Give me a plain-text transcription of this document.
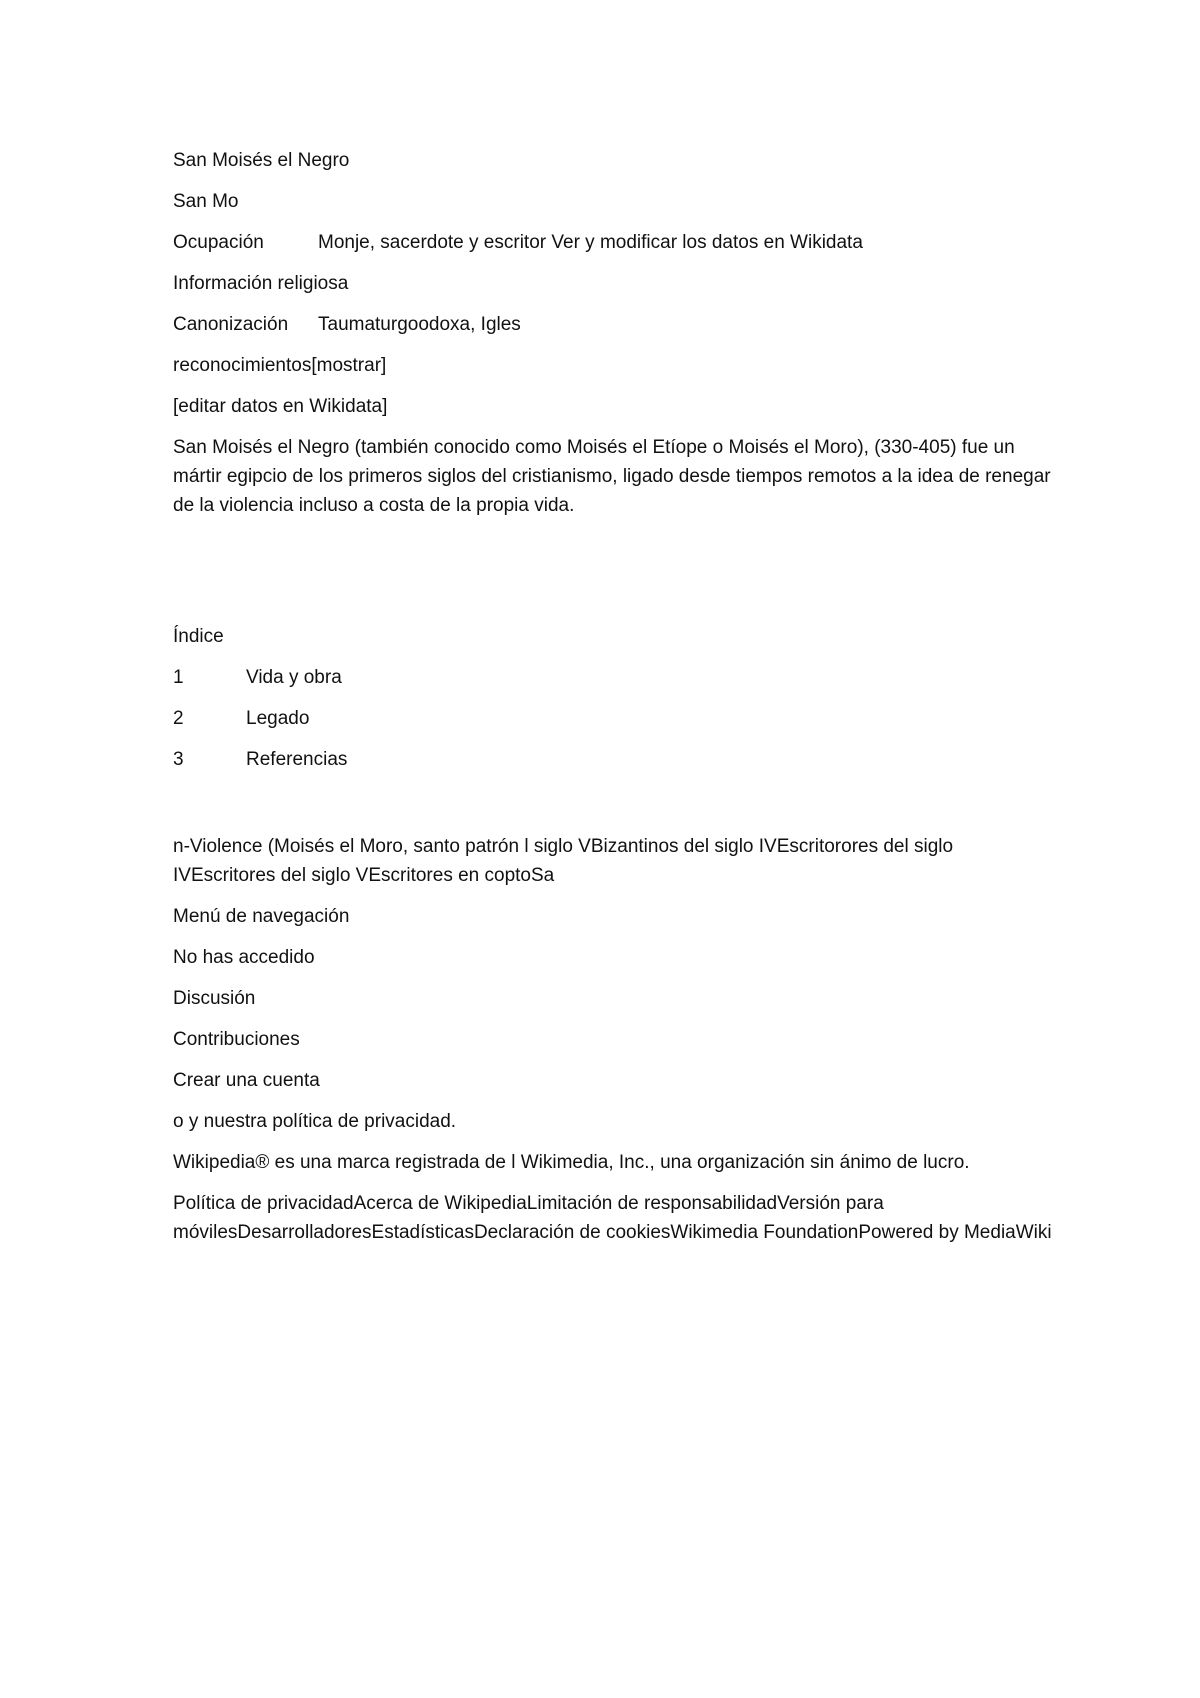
San Moisés el Negro

San Mo

Ocupación	Monje, sacerdote y escritor Ver y modificar los datos en Wikidata

Información religiosa

Canonización	Taumaturgoodoxa, Igles

reconocimientos[mostrar]

[editar datos en Wikidata]

San Moisés el Negro (también conocido como Moisés el Etíope o Moisés el Moro), (330-405) fue un mártir egipcio de los primeros siglos del cristianismo, ligado desde tiempos remotos a la idea de renegar de la violencia incluso a costa de la propia vida.

Índice

1	Vida y obra
2	Legado
3	Referencias

n-Violence (Moisés el Moro, santo patrón l siglo VBizantinos del siglo IVEscritorores del siglo IVEscritores del siglo VEscritores en coptoSa

Menú de navegación

No has accedido

Discusión

Contribuciones

Crear una cuenta

o y nuestra política de privacidad.

Wikipedia® es una marca registrada de l Wikimedia, Inc., una organización sin ánimo de lucro.

Política de privacidadAcerca de WikipediaLimitación de responsabilidadVersión para móvilesDesarrolladoresEstadísticasDeclaración de cookiesWikimedia FoundationPowered by MediaWiki
